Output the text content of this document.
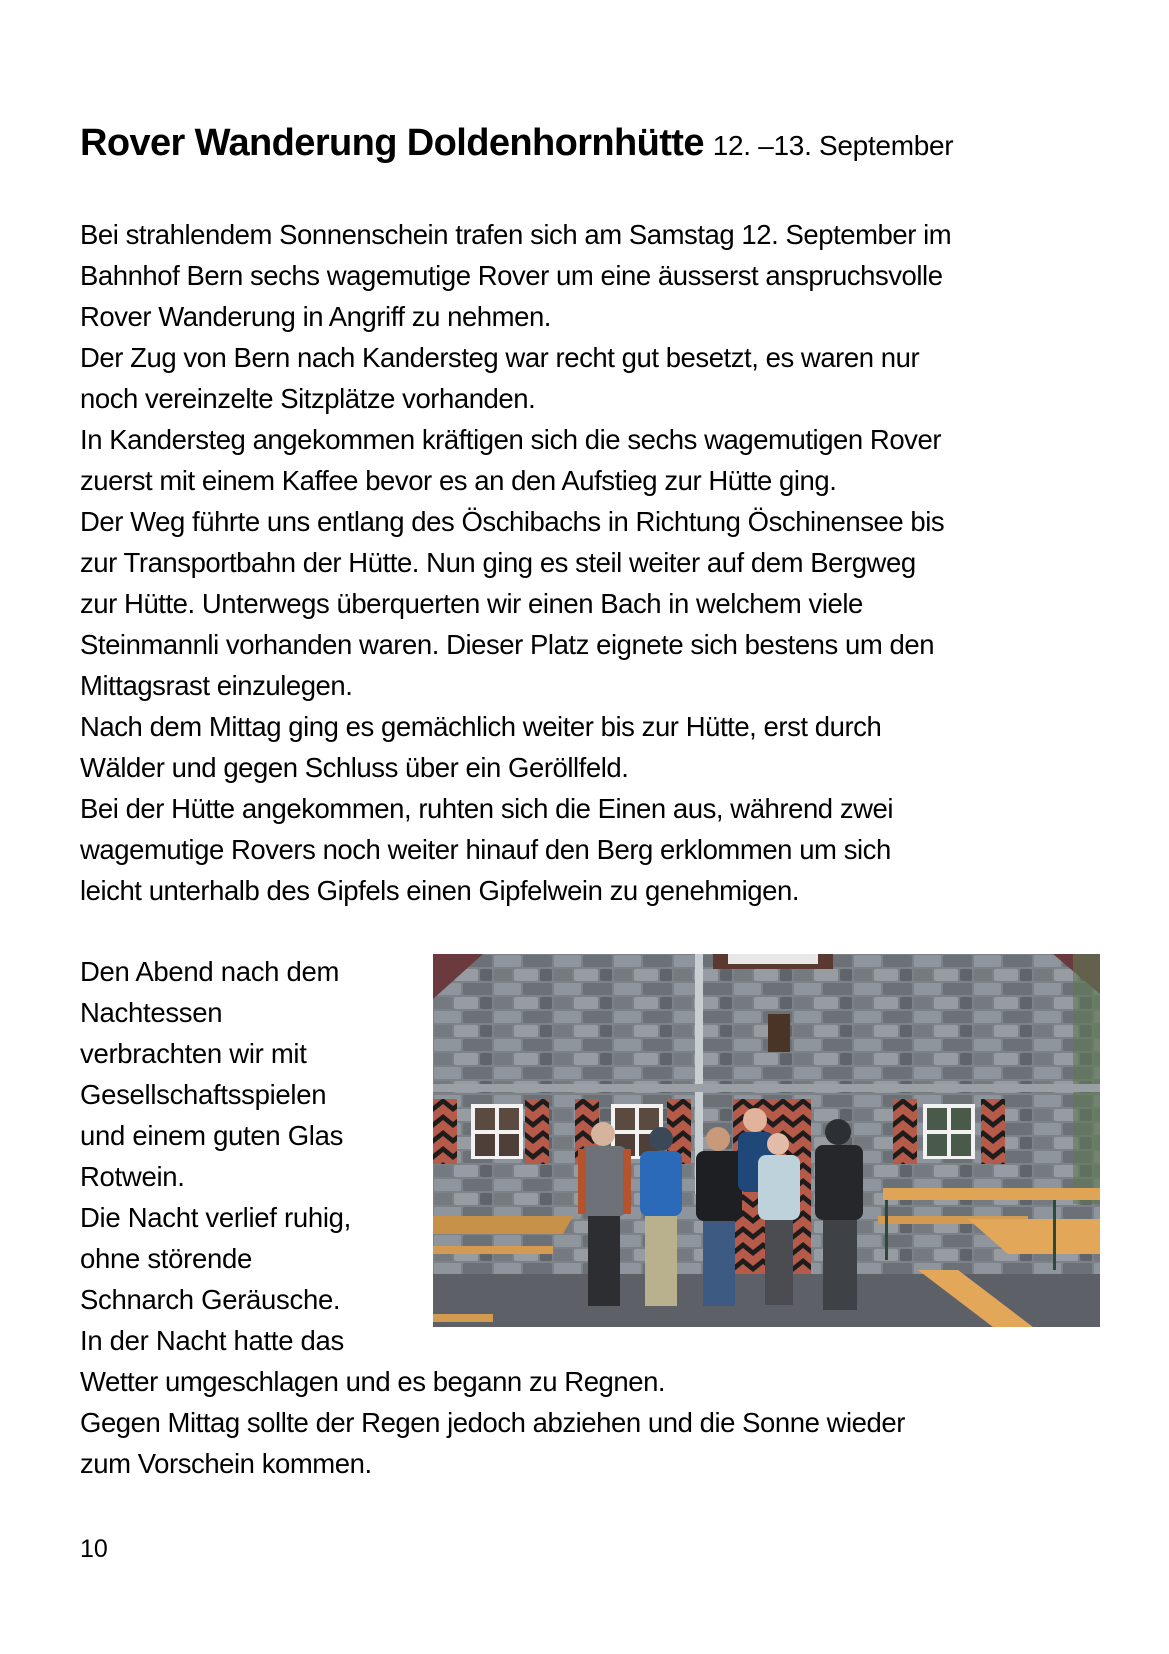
Rover Wanderung Doldenhornhütte 12. –13. September

Bei strahlendem Sonnenschein trafen sich am Samstag 12. September im

Bahnhof Bern sechs wagemutige Rover um eine äusserst anspruchsvolle

Rover Wanderung in Angriff zu nehmen.

Der Zug von Bern nach Kandersteg war recht gut besetzt, es waren nur

noch vereinzelte Sitzplätze vorhanden.

In Kandersteg angekommen kräftigen sich die sechs wagemutigen Rover

zuerst mit einem Kaffee bevor es an den Aufstieg zur Hütte ging.

Der Weg führte uns entlang des Öschibachs in Richtung Öschinensee bis

zur Transportbahn der Hütte. Nun ging es steil weiter auf dem Bergweg

zur Hütte. Unterwegs überquerten wir einen Bach in welchem viele

Steinmannli vorhanden waren. Dieser Platz eignete sich bestens um den

Mittagsrast einzulegen.

Nach dem Mittag ging es gemächlich weiter bis zur Hütte, erst durch

Wälder und gegen Schluss über ein Geröllfeld.

Bei der Hütte angekommen, ruhten sich die Einen aus, während zwei

wagemutige Rovers noch weiter hinauf den Berg erklommen um sich

leicht unterhalb des Gipfels einen Gipfelwein zu genehmigen.

Den Abend nach dem

Nachtessen

verbrachten wir mit

Gesellschaftsspielen

und einem guten Glas

Rotwein.

Die Nacht verlief ruhig,

ohne störende

Schnarch Geräusche.

In der Nacht hatte das

Wetter umgeschlagen und es begann zu Regnen.

Gegen Mittag sollte der Regen jedoch abziehen und die Sonne wieder

zum Vorschein kommen.

10
